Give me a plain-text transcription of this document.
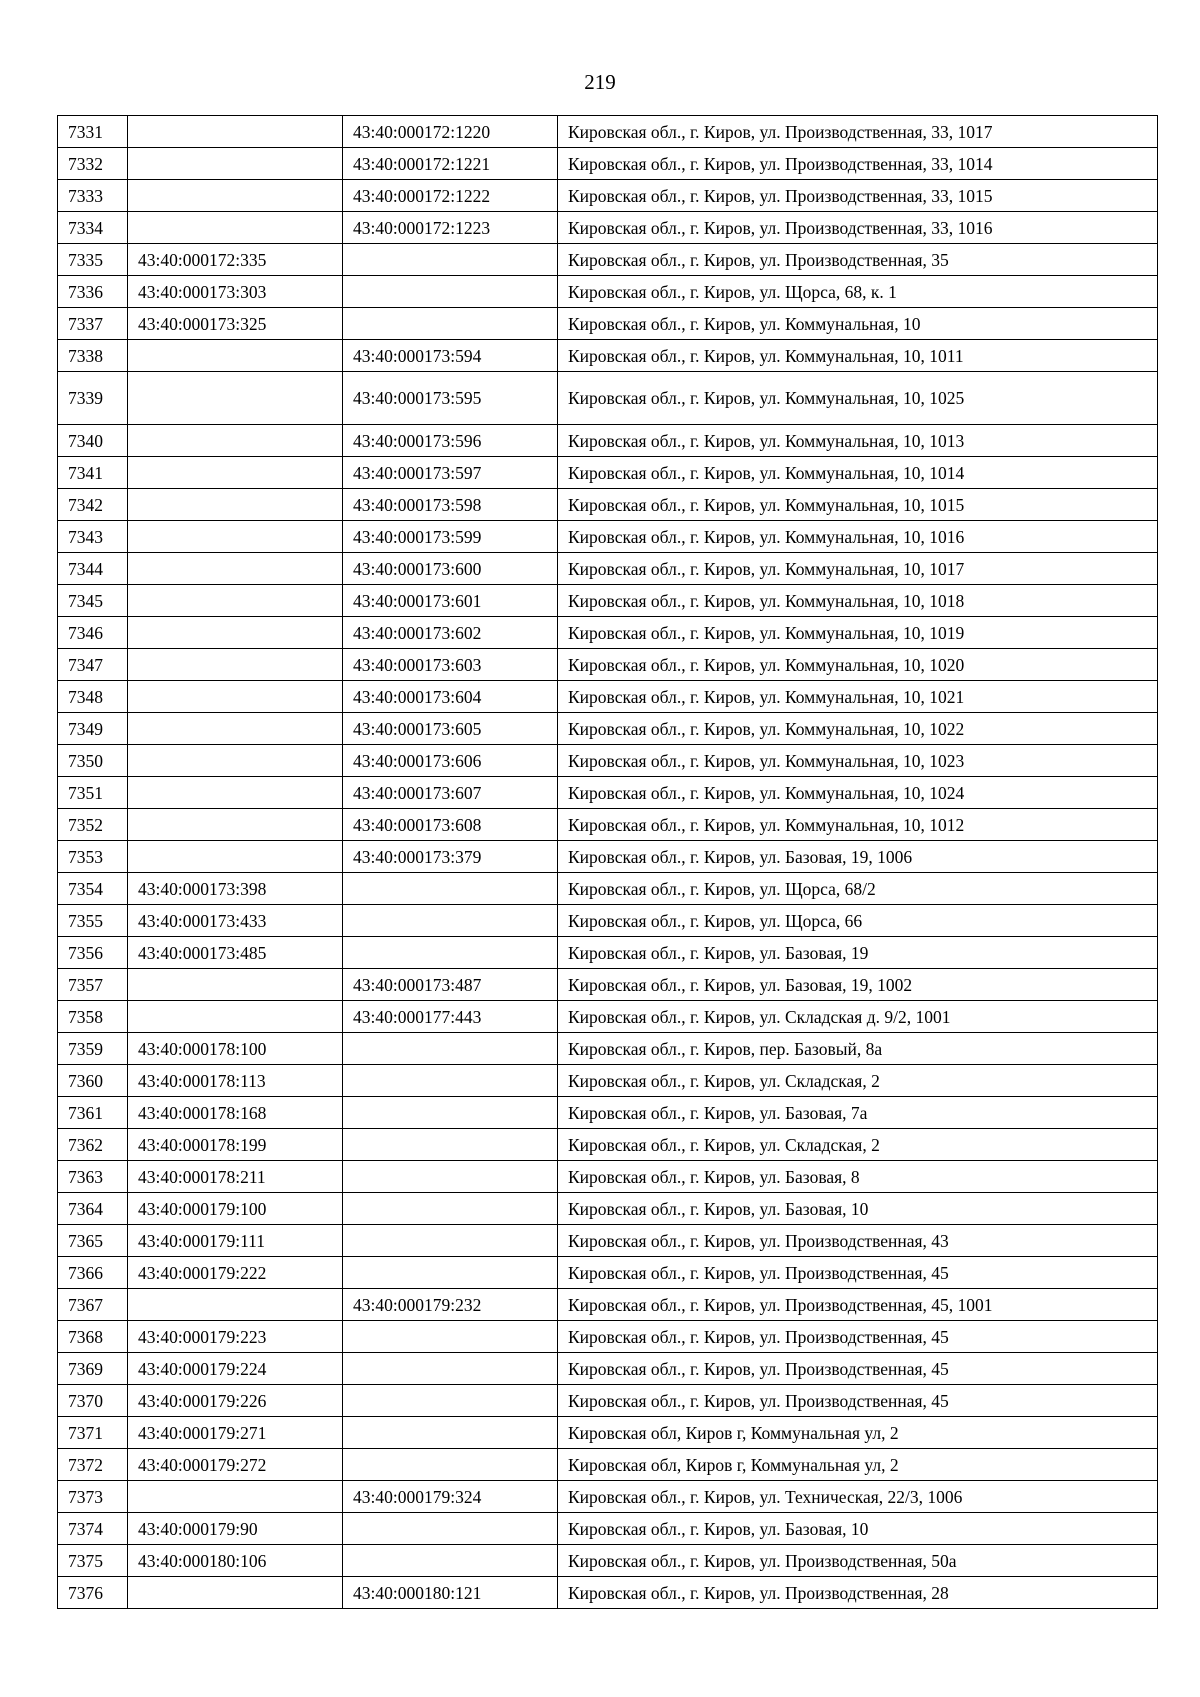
219
7331		43:40:000172:1220	Кировская обл., г. Киров, ул. Производственная, 33, 1017
7332		43:40:000172:1221	Кировская обл., г. Киров, ул. Производственная, 33, 1014
7333		43:40:000172:1222	Кировская обл., г. Киров, ул. Производственная, 33, 1015
7334		43:40:000172:1223	Кировская обл., г. Киров, ул. Производственная, 33, 1016
7335	43:40:000172:335		Кировская обл., г. Киров, ул. Производственная, 35
7336	43:40:000173:303		Кировская обл., г. Киров, ул. Щорса, 68, к. 1
7337	43:40:000173:325		Кировская обл., г. Киров, ул. Коммунальная, 10
7338		43:40:000173:594	Кировская обл., г. Киров, ул. Коммунальная, 10, 1011
7339		43:40:000173:595	Кировская обл., г. Киров, ул. Коммунальная, 10, 1025
7340		43:40:000173:596	Кировская обл., г. Киров, ул. Коммунальная, 10, 1013
7341		43:40:000173:597	Кировская обл., г. Киров, ул. Коммунальная, 10, 1014
7342		43:40:000173:598	Кировская обл., г. Киров, ул. Коммунальная, 10, 1015
7343		43:40:000173:599	Кировская обл., г. Киров, ул. Коммунальная, 10, 1016
7344		43:40:000173:600	Кировская обл., г. Киров, ул. Коммунальная, 10, 1017
7345		43:40:000173:601	Кировская обл., г. Киров, ул. Коммунальная, 10, 1018
7346		43:40:000173:602	Кировская обл., г. Киров, ул. Коммунальная, 10, 1019
7347		43:40:000173:603	Кировская обл., г. Киров, ул. Коммунальная, 10, 1020
7348		43:40:000173:604	Кировская обл., г. Киров, ул. Коммунальная, 10, 1021
7349		43:40:000173:605	Кировская обл., г. Киров, ул. Коммунальная, 10, 1022
7350		43:40:000173:606	Кировская обл., г. Киров, ул. Коммунальная, 10, 1023
7351		43:40:000173:607	Кировская обл., г. Киров, ул. Коммунальная, 10, 1024
7352		43:40:000173:608	Кировская обл., г. Киров, ул. Коммунальная, 10, 1012
7353		43:40:000173:379	Кировская обл., г. Киров, ул. Базовая, 19, 1006
7354	43:40:000173:398		Кировская обл., г. Киров, ул. Щорса, 68/2
7355	43:40:000173:433		Кировская обл., г. Киров, ул. Щорса, 66
7356	43:40:000173:485		Кировская обл., г. Киров, ул. Базовая, 19
7357		43:40:000173:487	Кировская обл., г. Киров, ул. Базовая, 19, 1002
7358		43:40:000177:443	Кировская обл., г. Киров, ул. Складская д. 9/2, 1001
7359	43:40:000178:100		Кировская обл., г. Киров, пер. Базовый, 8а
7360	43:40:000178:113		Кировская обл., г. Киров, ул. Складская, 2
7361	43:40:000178:168		Кировская обл., г. Киров, ул. Базовая, 7а
7362	43:40:000178:199		Кировская обл., г. Киров, ул. Складская, 2
7363	43:40:000178:211		Кировская обл., г. Киров, ул. Базовая, 8
7364	43:40:000179:100		Кировская обл., г. Киров, ул. Базовая, 10
7365	43:40:000179:111		Кировская обл., г. Киров, ул. Производственная, 43
7366	43:40:000179:222		Кировская обл., г. Киров, ул. Производственная, 45
7367		43:40:000179:232	Кировская обл., г. Киров, ул. Производственная, 45, 1001
7368	43:40:000179:223		Кировская обл., г. Киров, ул. Производственная, 45
7369	43:40:000179:224		Кировская обл., г. Киров, ул. Производственная, 45
7370	43:40:000179:226		Кировская обл., г. Киров, ул. Производственная, 45
7371	43:40:000179:271		Кировская обл, Киров г, Коммунальная ул, 2
7372	43:40:000179:272		Кировская обл, Киров г, Коммунальная ул, 2
7373		43:40:000179:324	Кировская обл., г. Киров, ул. Техническая, 22/3, 1006
7374	43:40:000179:90		Кировская обл., г. Киров, ул. Базовая, 10
7375	43:40:000180:106		Кировская обл., г. Киров, ул. Производственная, 50а
7376		43:40:000180:121	Кировская обл., г. Киров, ул. Производственная, 28
